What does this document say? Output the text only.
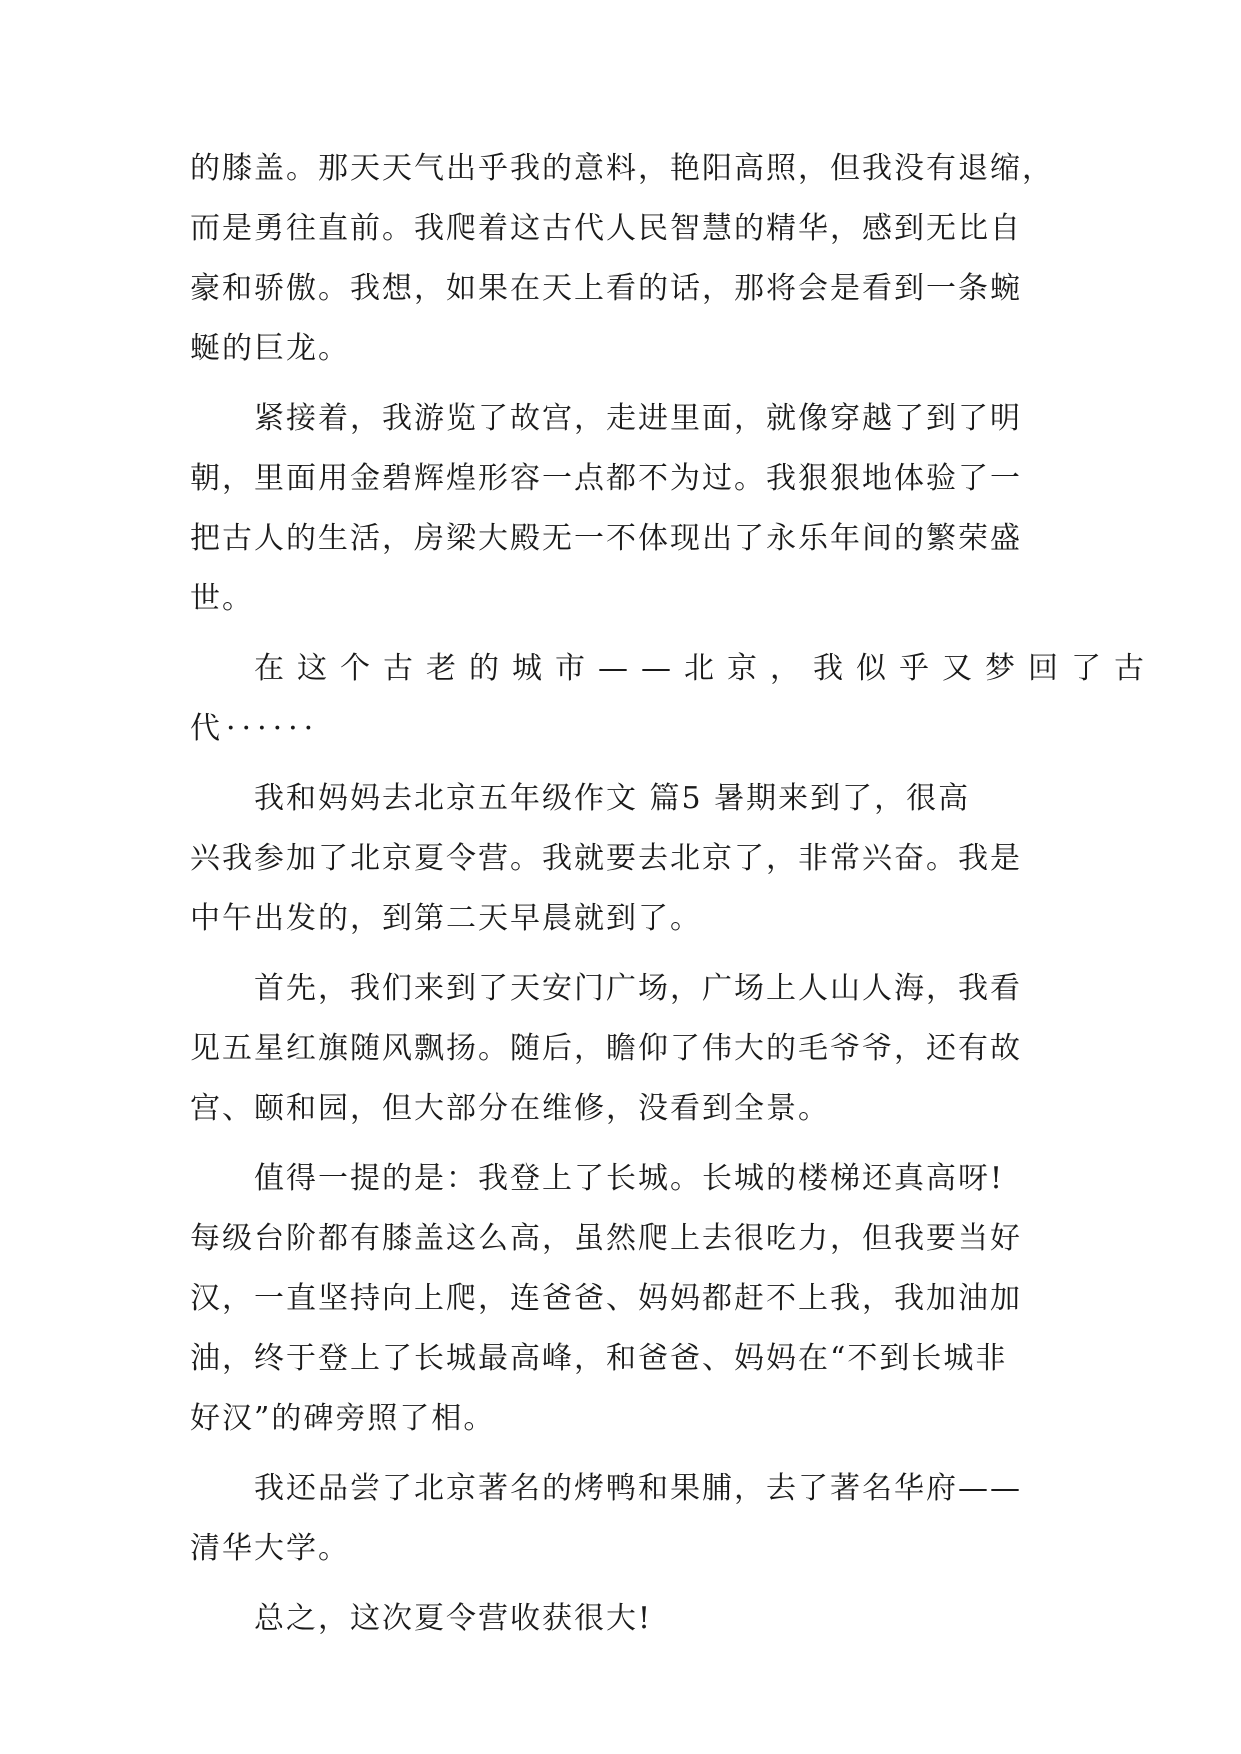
的膝盖。那天天气出乎我的意料，艳阳高照，但我没有退缩，
而是勇往直前。我爬着这古代人民智慧的精华，感到无比自
豪和骄傲。我想，如果在天上看的话，那将会是看到一条蜿
蜒的巨龙。
紧接着，我游览了故宫，走进里面，就像穿越了到了明
朝，里面用金碧辉煌形容一点都不为过。我狠狠地体验了一
把古人的生活，房梁大殿无一不体现出了永乐年间的繁荣盛
世。
在这个古老的城市——北京，我似乎又梦回了古
代······
我和妈妈去北京五年级作文 篇5 暑期来到了，很高
兴我参加了北京夏令营。我就要去北京了，非常兴奋。我是
中午出发的，到第二天早晨就到了。
首先，我们来到了天安门广场，广场上人山人海，我看
见五星红旗随风飘扬。随后，瞻仰了伟大的毛爷爷，还有故
宫、颐和园，但大部分在维修，没看到全景。
值得一提的是：我登上了长城。长城的楼梯还真高呀!
每级台阶都有膝盖这么高，虽然爬上去很吃力，但我要当好
汉，一直坚持向上爬，连爸爸、妈妈都赶不上我，我加油加
油，终于登上了长城最高峰，和爸爸、妈妈在“不到长城非
好汉”的碑旁照了相。
我还品尝了北京著名的烤鸭和果脯，去了著名华府——
清华大学。
总之，这次夏令营收获很大!
